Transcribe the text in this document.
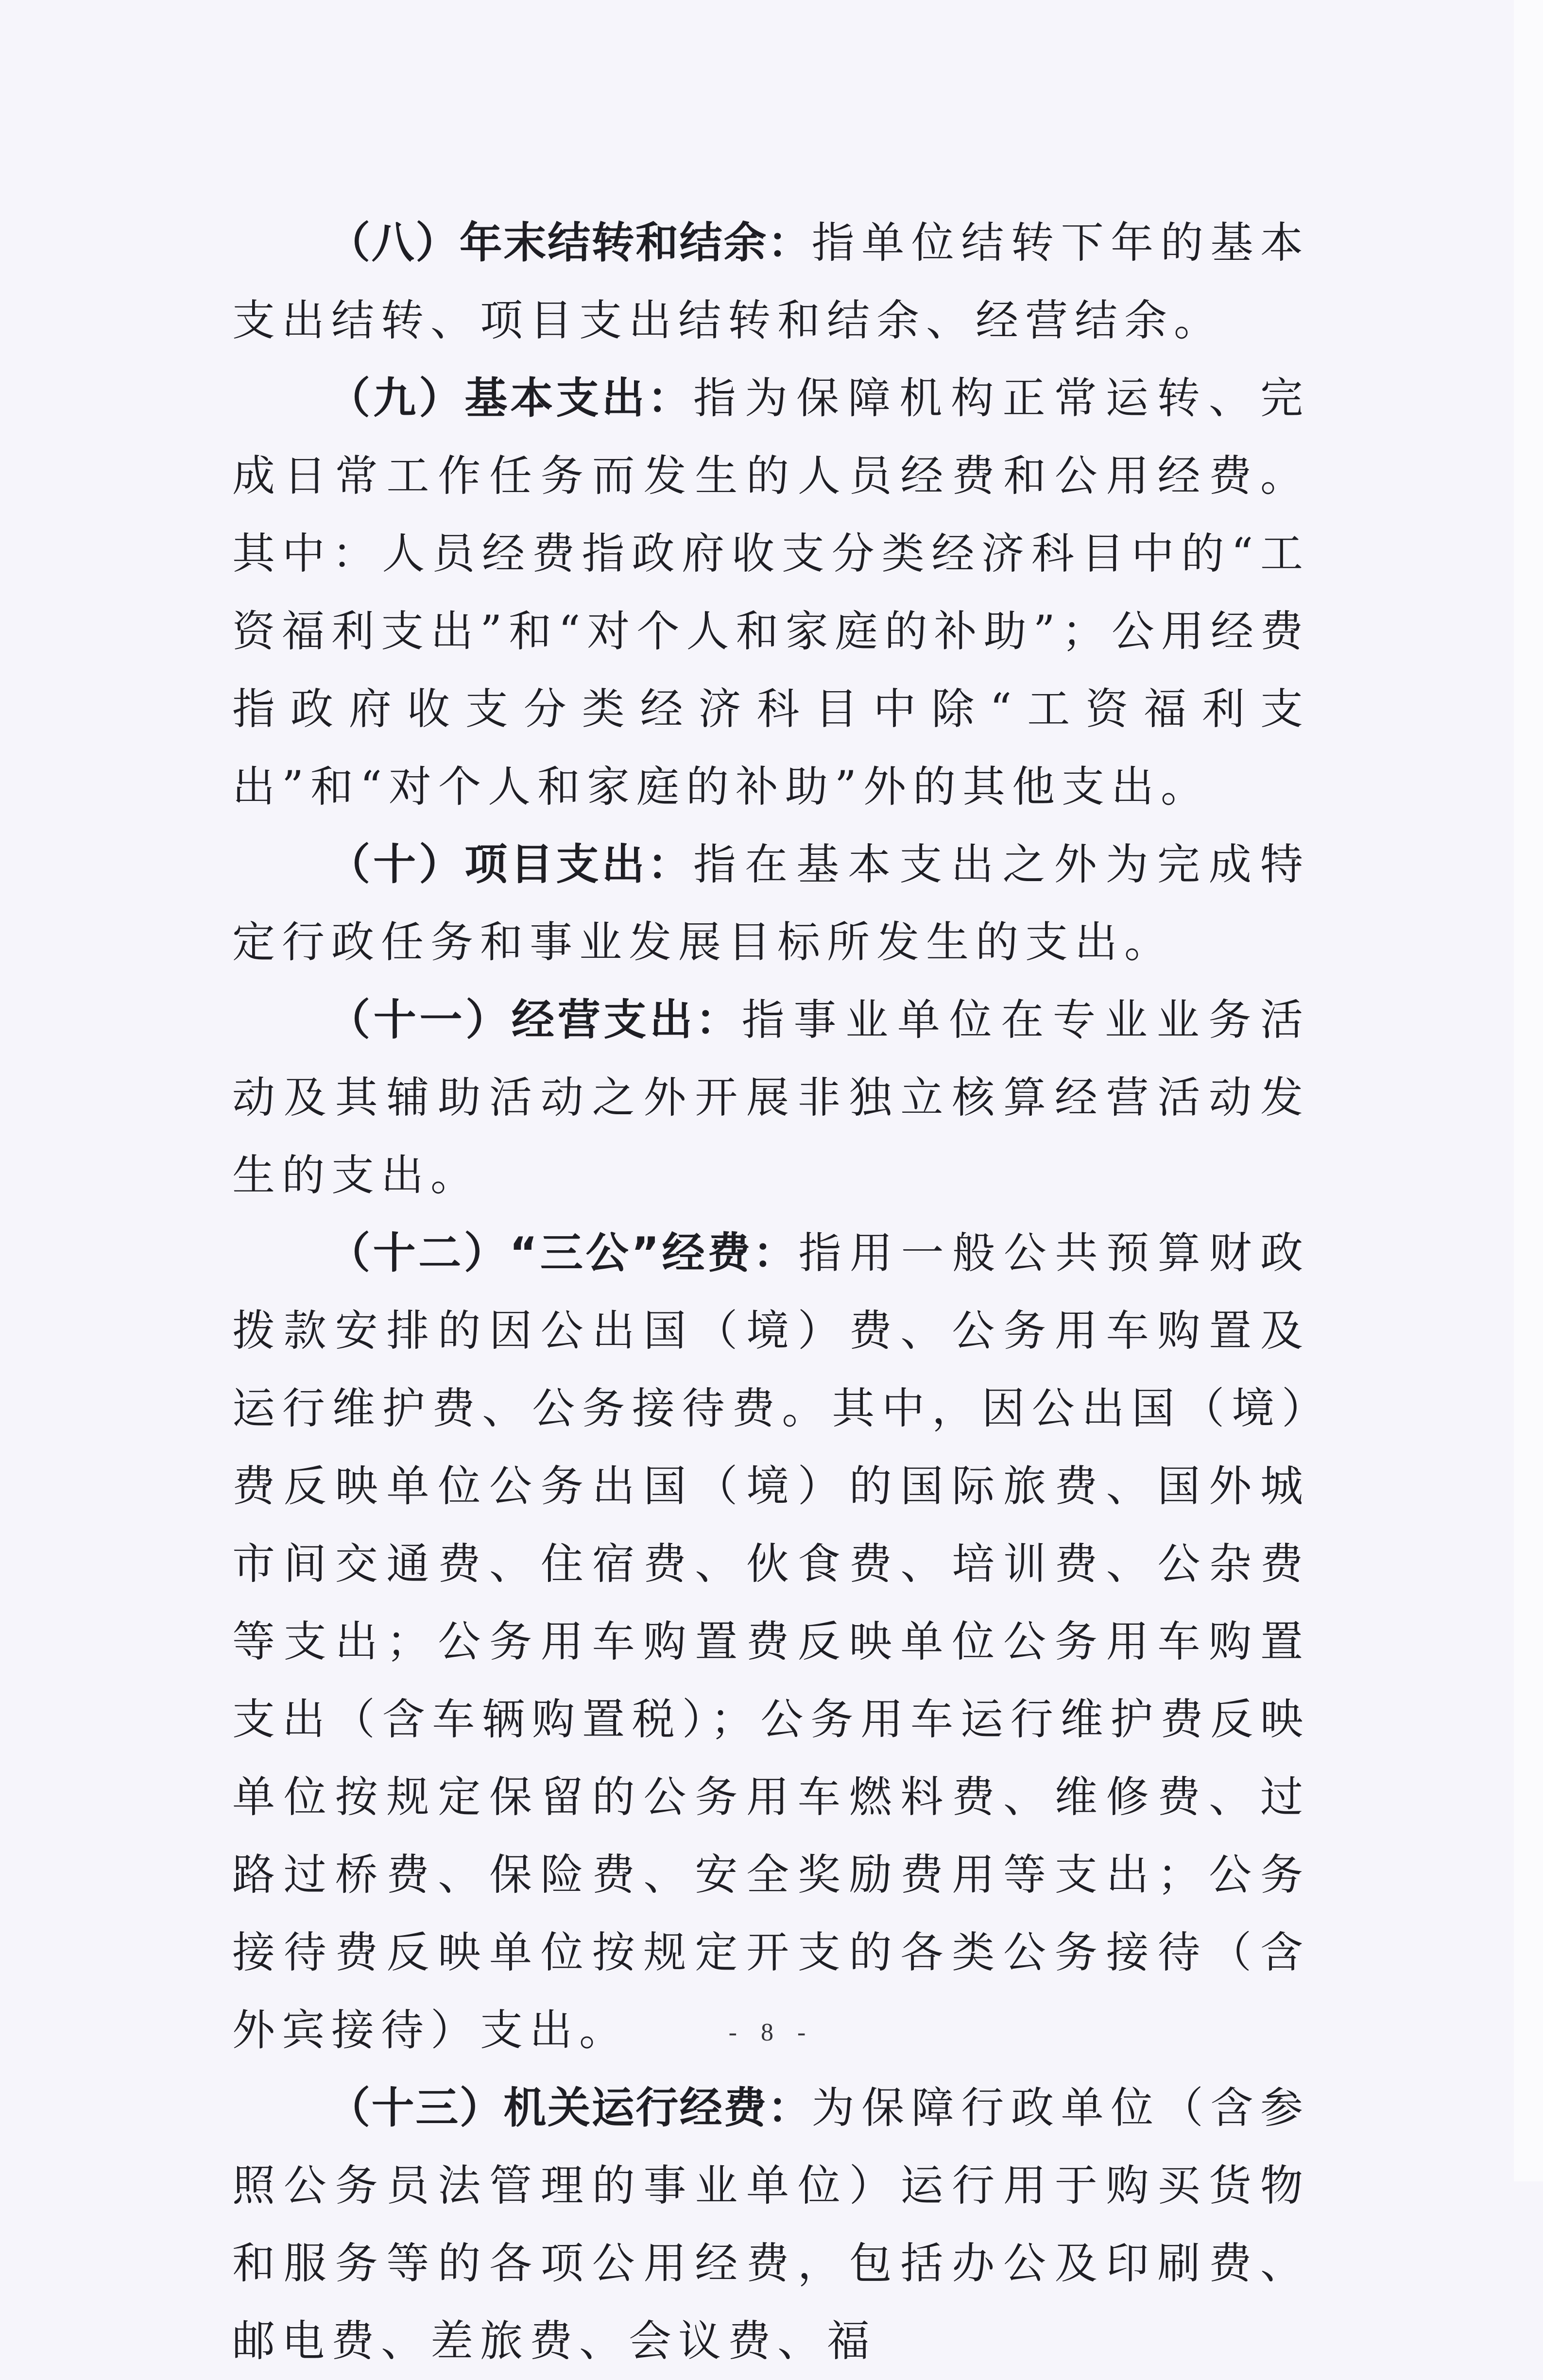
（八）年末结转和结余：指单位结转下年的基本支出结转、项目支出结转和结余、经营结余。

（九）基本支出：指为保障机构正常运转、完成日常工作任务而发生的人员经费和公用经费。其中：人员经费指政府收支分类经济科目中的“工资福利支出”和“对个人和家庭的补助”；公用经费指政府收支分类经济科目中除“工资福利支出”和“对个人和家庭的补助”外的其他支出。

（十）项目支出：指在基本支出之外为完成特定行政任务和事业发展目标所发生的支出。

（十一）经营支出：指事业单位在专业业务活动及其辅助活动之外开展非独立核算经营活动发生的支出。

（十二）“三公”经费：指用一般公共预算财政拨款安排的因公出国（境）费、公务用车购置及运行维护费、公务接待费。其中，因公出国（境）费反映单位公务出国（境）的国际旅费、国外城市间交通费、住宿费、伙食费、培训费、公杂费等支出；公务用车购置费反映单位公务用车购置支出（含车辆购置税）；公务用车运行维护费反映单位按规定保留的公务用车燃料费、维修费、过路过桥费、保险费、安全奖励费用等支出；公务接待费反映单位按规定开支的各类公务接待（含外宾接待）支出。

（十三）机关运行经费：为保障行政单位（含参照公务员法管理的事业单位）运行用于购买货物和服务等的各项公用经费，包括办公及印刷费、邮电费、差旅费、会议费、福

- 8 -
